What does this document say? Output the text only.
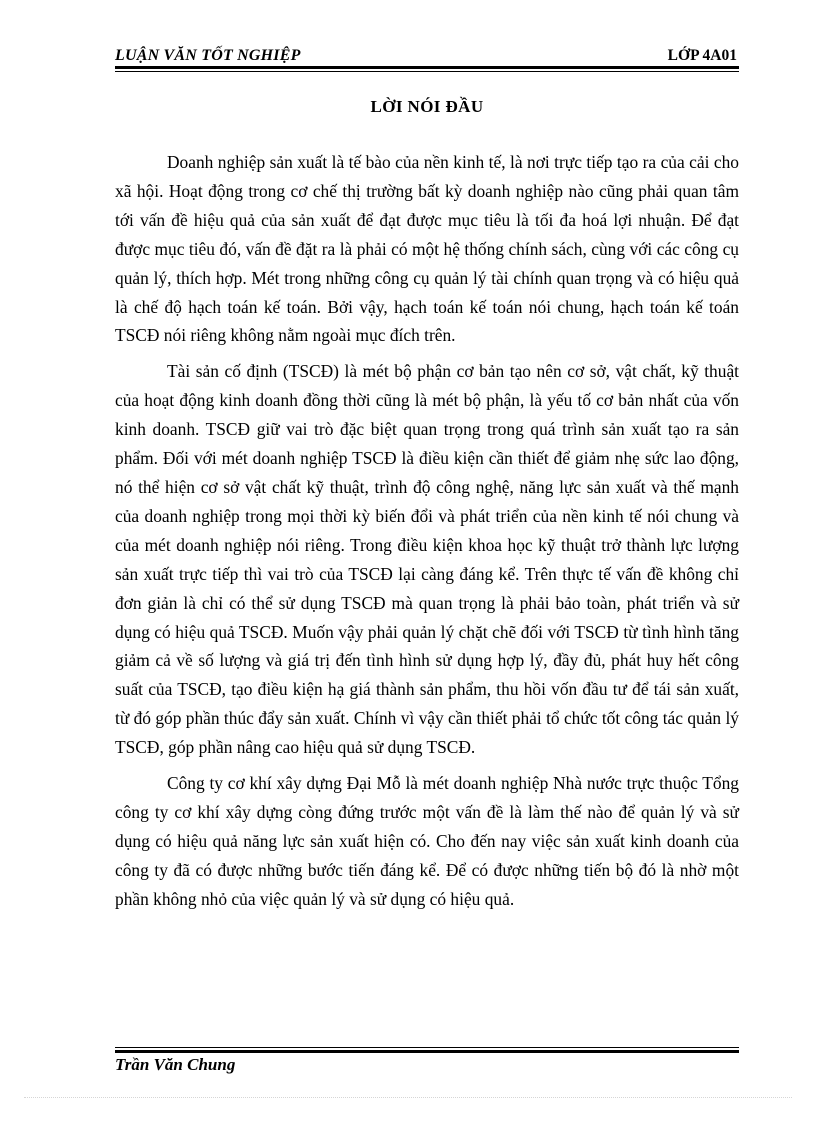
LUẬN VĂN TỐT NGHIỆP	LỚP 4A01
LỜI NÓI ĐẦU

Doanh nghiệp sản xuất là tế bào của nền kinh tế, là nơi trực tiếp tạo ra của cải cho xã hội. Hoạt động trong cơ chế thị trường bất kỳ doanh nghiệp nào cũng phải quan tâm tới vấn đề hiệu quả của sản xuất để đạt được mục tiêu là tối đa hoá lợi nhuận. Để đạt được mục tiêu đó, vấn đề đặt ra là phải có một hệ thống chính sách, cùng với các công cụ quản lý, thích hợp. Mét trong những công cụ quản lý tài chính quan trọng và có hiệu quả là chế độ hạch toán kế toán. Bởi vậy, hạch toán kế toán nói chung, hạch toán kế toán TSCĐ nói riêng không nằm ngoài mục đích trên.

Tài sản cố định (TSCĐ) là mét bộ phận cơ bản tạo nên cơ sở, vật chất, kỹ thuật của hoạt động kinh doanh đồng thời cũng là mét bộ phận, là yếu tố cơ bản nhất của vốn kinh doanh. TSCĐ giữ vai trò đặc biệt quan trọng trong quá trình sản xuất tạo ra sản phẩm. Đối với mét doanh nghiệp TSCĐ là điều kiện cần thiết để giảm nhẹ sức lao động, nó thể hiện cơ sở vật chất kỹ thuật, trình độ công nghệ, năng lực sản xuất và thế mạnh của doanh nghiệp trong mọi thời kỳ biến đổi và phát triển của nền kinh tế nói chung và của mét doanh nghiệp nói riêng. Trong điều kiện khoa học kỹ thuật trở thành lực lượng sản xuất trực tiếp thì vai trò của TSCĐ lại càng đáng kể. Trên thực tế vấn đề không chỉ đơn giản là chỉ có thể sử dụng TSCĐ mà quan trọng là phải bảo toàn, phát triển và sử dụng có hiệu quả TSCĐ. Muốn vậy phải quản lý chặt chẽ đối với TSCĐ từ tình hình tăng giảm cả về số lượng và giá trị đến tình hình sử dụng hợp lý, đầy đủ, phát huy hết công suất của TSCĐ, tạo điều kiện hạ giá thành sản phẩm, thu hồi vốn đầu tư để tái sản xuất, từ đó góp phần thúc đẩy sản xuất. Chính vì vậy cần thiết phải tổ chức tốt công tác quản lý TSCĐ, góp phần nâng cao hiệu quả sử dụng TSCĐ.

Công ty cơ khí xây dựng Đại Mỗ là mét doanh nghiệp Nhà nước trực thuộc Tổng công ty cơ khí xây dựng còng đứng trước một vấn đề là làm thế nào để quản lý và sử dụng có hiệu quả năng lực sản xuất hiện có. Cho đến nay việc sản xuất kinh doanh của công ty đã có được những bước tiến đáng kể. Để có được những tiến bộ đó là nhờ một phần không nhỏ của việc quản lý và sử dụng có hiệu quả.

Trần Văn Chung
